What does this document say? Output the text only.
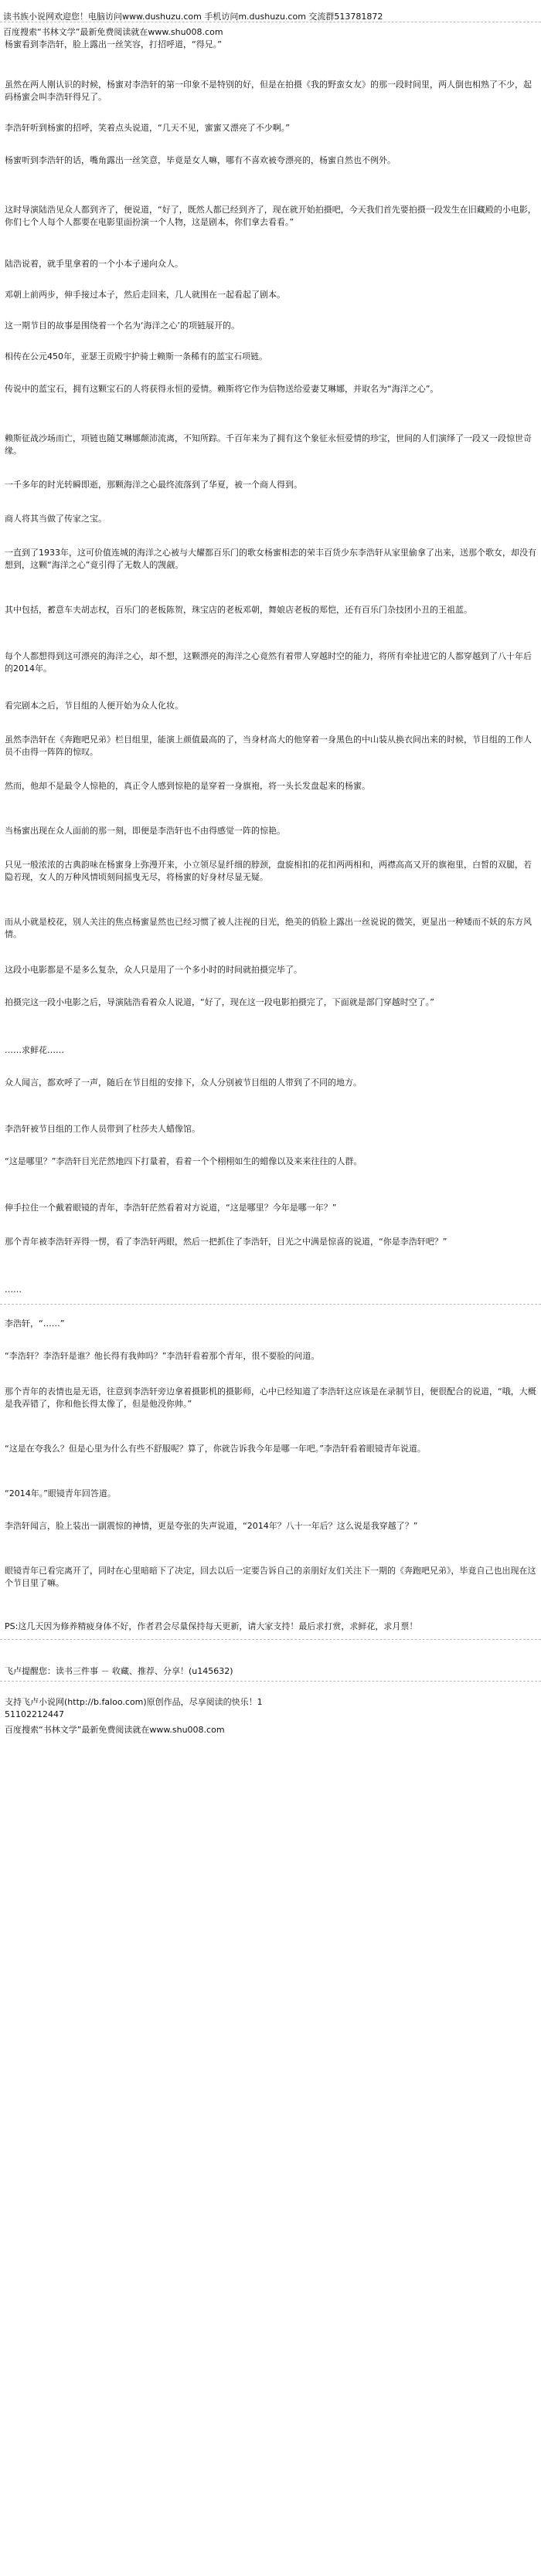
读书族小说网欢迎您！电脑访问www.dushuzu.com 手机访问m.dushuzu.com 交流群513781872
百度搜索“书林文学”最新免费阅读就在www.shu008.com
杨蜜看到李浩轩，脸上露出一丝笑容，打招呼道，“得兄。”
虽然在两人刚认识的时候，杨蜜对李浩轩的第一印象不是特别的好，但是在拍摄《我的野蛮女友》的那一段时间里，两人倒也相熟了不少，起码杨蜜会叫李浩轩得兄了。
李浩轩听到杨蜜的招呼，笑着点头说道，“几天不见，蜜蜜又漂亮了不少啊。”
杨蜜听到李浩轩的话，嘴角露出一丝笑意，毕竟是女人嘛，哪有不喜欢被夸漂亮的，杨蜜自然也不例外。
这时导演陆浩见众人都到齐了，便说道，“好了，既然人都已经到齐了，现在就开始拍摄吧，今天我们首先要拍摄一段发生在旧藏殿的小电影，你们七个人每个人都要在电影里面扮演一个人物，这是剧本，你们拿去看看。”
陆浩说着，就手里拿着的一个小本子递向众人。
邓朝上前两步，伸手接过本子，然后走回来，几人就围在一起看起了剧本。
这一期节目的故事是围绕着一个名为‘海洋之心’的项链展开的。
相传在公元450年，亚瑟王贡殿宇护骑士赖斯一条稀有的蓝宝石项链。
传说中的蓝宝石，拥有这颗宝石的人将获得永恒的爱情。赖斯将它作为信物送给爱妻艾琳娜，并取名为“海洋之心”。
赖斯征战沙场而亡，项链也随艾琳娜颠沛流离，不知所踪。千百年来为了拥有这个象征永恒爱情的珍宝，世间的人们演绎了一段又一段惊世奇缘。
一千多年的时光转瞬即逝，那颗海洋之心最终流落到了华夏，被一个商人得到。
商人将其当做了传家之宝。
一直到了1933年，这可价值连城的海洋之心被与大耀都百乐门的歌女杨蜜相恋的荣丰百货少东李浩轩从家里偷拿了出来，送那个歌女，却没有想到，这颗“海洋之心”竟引得了无数人的觊觎。
其中包括，蓄意车夫胡志权，百乐门的老板陈贺，珠宝店的老板邓朝，舞娘店老板的郑恺，还有百乐门杂技团小丑的王祖蓝。
每个人都想得到这可漂亮的海洋之心，却不想，这颗漂亮的海洋之心竟然有着带人穿越时空的能力，将所有牵扯进它的人都穿越到了八十年后的2014年。
看完剧本之后，节目组的人便开始为众人化妆。
虽然李浩轩在《奔跑吧兄弟》栏目组里，能演上颜值最高的了，当身材高大的他穿着一身黑色的中山装从换衣间出来的时候，节目组的工作人员不由得一阵阵的惊叹。
然而，他却不是最令人惊艳的，真正令人感到惊艳的是穿着一身旗袍，将一头长发盘起来的杨蜜。
当杨蜜出现在众人面前的那一刻，即便是李浩轩也不由得感觉一阵的惊艳。
只见一般浓浓的古典韵味在杨蜜身上弥漫开来，小立领尽显纤细的脖颈，盘旋相扣的花扣两两相和，两襟高高又开的旗袍里，白皙的双腿，若隐若现，女人的万种风情顷刻间摇曳无尽，将杨蜜的好身材尽显无疑。
而从小就是校花，别人关注的焦点杨蜜显然也已经习惯了被人注视的目光，绝美的俏脸上露出一丝说说的微笑，更显出一种矮而不妖的东方风情。
这段小电影都是不是多么复杂，众人只是用了一个多小时的时间就拍摄完毕了。
拍摄完这一段小电影之后，导演陆浩看着众人说道，“好了，现在这一段电影拍摄完了，下面就是部门穿越时空了。”
……求鲜花……
众人闻言，都欢呼了一声，随后在节目组的安排下，众人分别被节目组的人带到了不同的地方。
李浩轩被节目组的工作人员带到了杜莎夫人蜡像馆。
“这是哪里？”李浩轩目光茫然地四下打量着，看着一个个栩栩如生的蜡像以及来来往往的人群。
伸手拉住一个戴着眼镜的青年，李浩轩茫然看着对方说道，“这是哪里？今年是哪一年？”
那个青年被李浩轩弄得一愣，看了李浩轩两眼，然后一把抓住了李浩轩，目光之中满是惊喜的说道，“你是李浩轩吧？”
……
李浩轩，“……”
“李浩轩？李浩轩是谁？他长得有我帅吗？”李浩轩看着那个青年，很不要脸的问道。
那个青年的表情也是无语，往意到李浩轩旁边拿着摄影机的摄影师，心中已经知道了李浩轩这应该是在录制节目，便很配合的说道，“哦，大概是我弄错了，你和他长得太像了，但是他没你帅。”
“这是在夸我么？但是心里为什么有些不舒服呢？算了，你就告诉我今年是哪一年吧。”李浩轩看着眼镜青年说道。
“2014年。”眼镜青年回答道。
李浩轩闻言，脸上装出一副震惊的神情，更是夸张的失声说道，“2014年？八十一年后？这么说是我穿越了？”
眼镜青年已看完离开了，同时在心里暗暗下了决定，回去以后一定要告诉自己的亲朋好友们关注下一期的《奔跑吧兄弟》，毕竟自己也出现在这个节目里了嘛。
PS:这几天因为修养精疲身体不好，作者君会尽量保持每天更新，请大家支持！最后求打赏，求鲜花，求月票！
飞卢提醒您：读书三件事 － 收藏、推荐、分享！(u145632)
支持飞卢小说网(http://b.faloo.com)原创作品，尽享阅读的快乐！1
51102212447
百度搜索“书林文学”最新免费阅读就在www.shu008.com
